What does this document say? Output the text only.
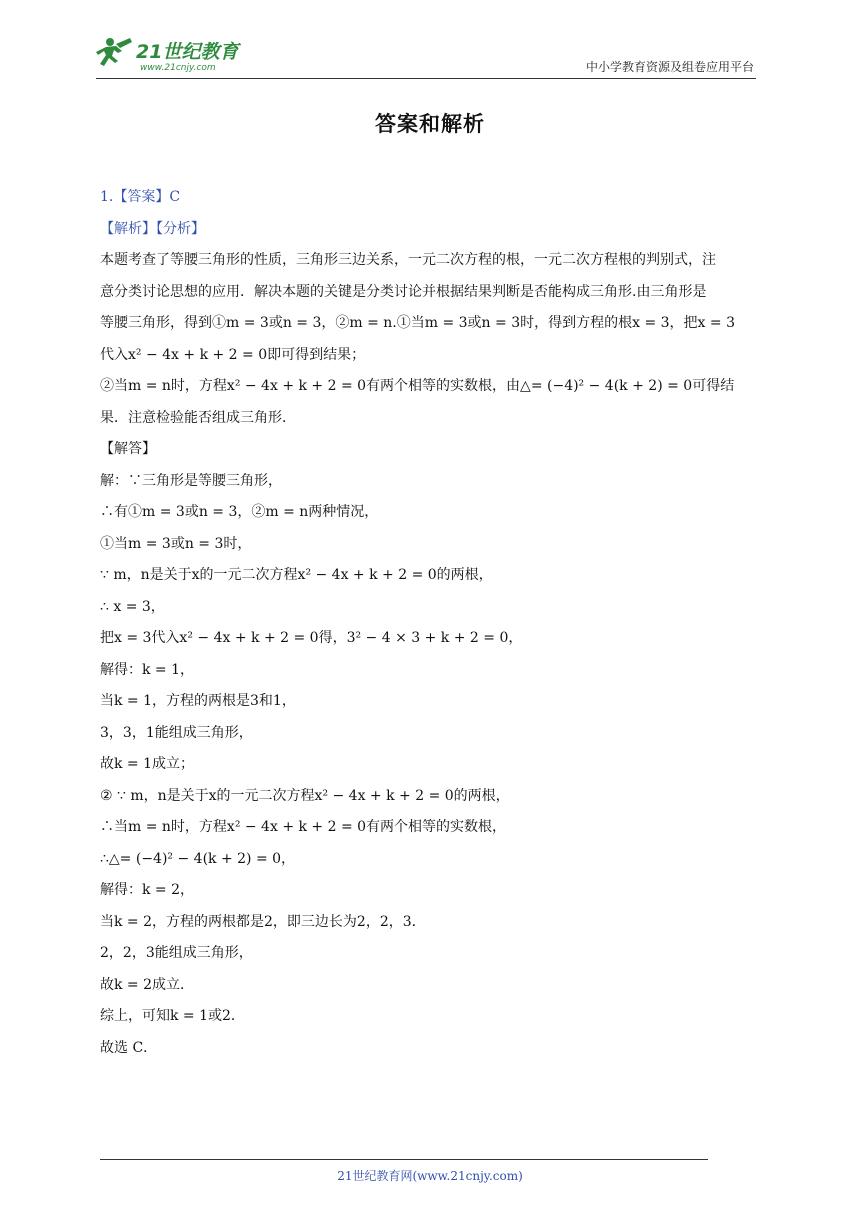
21世纪教育
www.21cnjy.com	中小学教育资源及组卷应用平台
答案和解析

1.【答案】C

【解析】【分析】

本题考查了等腰三角形的性质，三角形三边关系，一元二次方程的根，一元二次方程根的判别式，注

意分类讨论思想的应用．解决本题的关键是分类讨论并根据结果判断是否能构成三角形.由三角形是

等腰三角形，得到①m = 3或n = 3，②m = n.①当m = 3或n = 3时，得到方程的根x = 3，把x = 3

代入x² − 4x + k + 2 = 0即可得到结果；

②当m = n时，方程x² − 4x + k + 2 = 0有两个相等的实数根，由△= (−4)² − 4(k + 2) = 0可得结

果．注意检验能否组成三角形．

【解答】

解：∵三角形是等腰三角形，

∴有①m = 3或n = 3，②m = n两种情况，

①当m = 3或n = 3时，

∵ m，n是关于x的一元二次方程x² − 4x + k + 2 = 0的两根，

∴ x = 3，

把x = 3代入x² − 4x + k + 2 = 0得，3² − 4 × 3 + k + 2 = 0，

解得：k = 1，

当k = 1，方程的两根是3和1，

3，3，1能组成三角形，

故k = 1成立；

② ∵ m，n是关于x的一元二次方程x² − 4x + k + 2 = 0的两根，

∴当m = n时，方程x² − 4x + k + 2 = 0有两个相等的实数根，

∴△= (−4)² − 4(k + 2) = 0，

解得：k = 2，

当k = 2，方程的两根都是2，即三边长为2，2，3．

2，2，3能组成三角形，

故k = 2成立．

综上，可知k = 1或2．

故选 C．

21世纪教育网(www.21cnjy.com)
